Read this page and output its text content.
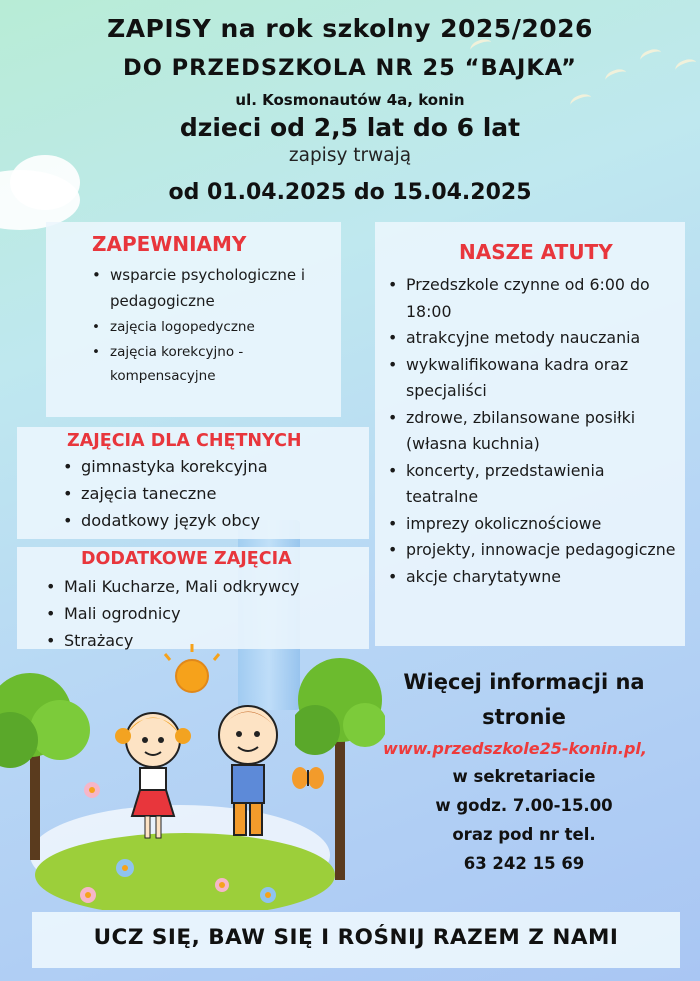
ZAPISY na rok szkolny 2025/2026
DO PRZEDSZKOLA NR 25 “BAJKA”
ul. Kosmonautów 4a, konin
dzieci od 2,5 lat do 6 lat
zapisy trwają
od 01.04.2025 do 15.04.2025
ZAPEWNIAMY
• wsparcie psychologiczne i pedagogiczne
• zajęcia logopedyczne
• zajęcia korekcyjno - kompensacyjne
NASZE ATUTY
• Przedszkole czynne od 6:00 do 18:00
• atrakcyjne metody nauczania
• wykwalifikowana kadra oraz specjaliści
• zdrowe, zbilansowane posiłki (własna kuchnia)
• koncerty, przedstawienia teatralne
• imprezy okolicznościowe
• projekty, innowacje pedagogiczne
• akcje charytatywne
ZAJĘCIA DLA CHĘTNYCH
• gimnastyka korekcyjna
• zajęcia taneczne
• dodatkowy język obcy
DODATKOWE ZAJĘCIA
• Mali Kucharze, Mali odkrywcy
• Mali ogrodnicy
• Strażacy
Więcej informacji na
stronie
www.przedszkole25-konin.pl,
w sekretariacie
w godz. 7.00-15.00
oraz pod nr tel.
63 242 15 69
UCZ SIĘ, BAW SIĘ I ROŚNIJ RAZEM Z NAMI
